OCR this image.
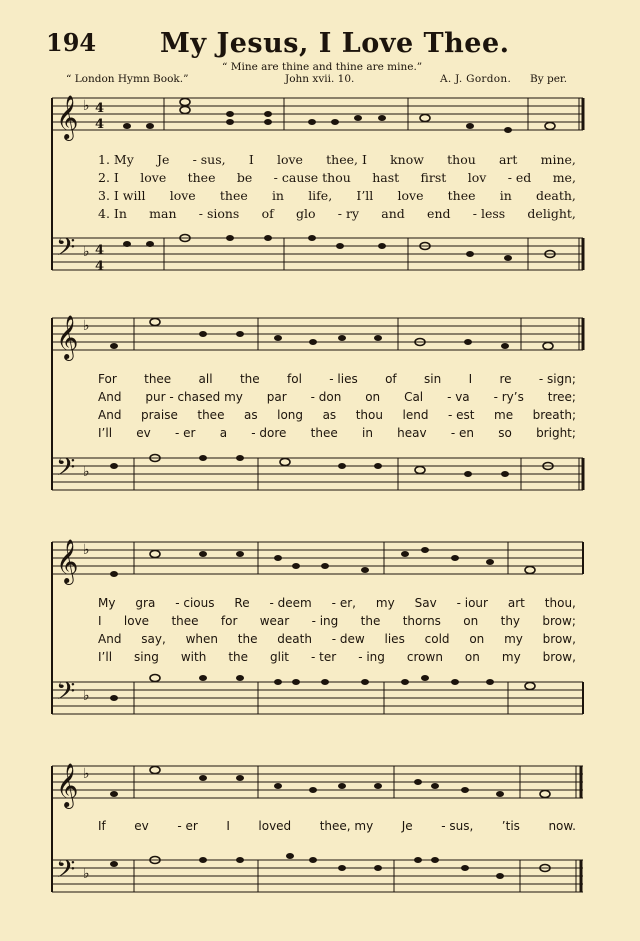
194 My Jesus, I Love Thee.
“ Mine are thine and thine are mine.”
“ London Hymn Book.”	John xvii. 10.	A. J. Gordon. By per.
𝄞 ♭ 4
4
𝄢 ♭ 4
4
1. My Je - sus, I love thee, I know thou art mine,
2. I love thee be - cause thou hast first lov - ed me,
3. I will love thee in life, I’ll love thee in death,
4. In man - sions of glo - ry and end - less delight,
𝄞 ♭
𝄢 ♭
For thee all the fol - lies of sin I re - sign;
And pur - chased my par - don on Cal - va - ry’s tree;
And praise thee as long as thou lend - est me breath;
I’ll ev - er a - dore thee in heav - en so bright;
𝄞 ♭
𝄢 ♭
My gra - cious Re - deem - er, my Sav - iour art thou,
I love thee for wear - ing the thorns on thy brow;
And say, when the death - dew lies cold on my brow,
I’ll sing with the glit - ter - ing crown on my brow,
𝄞 ♭
𝄢 ♭
If ev - er I loved thee, my Je - sus, ’tis now.
